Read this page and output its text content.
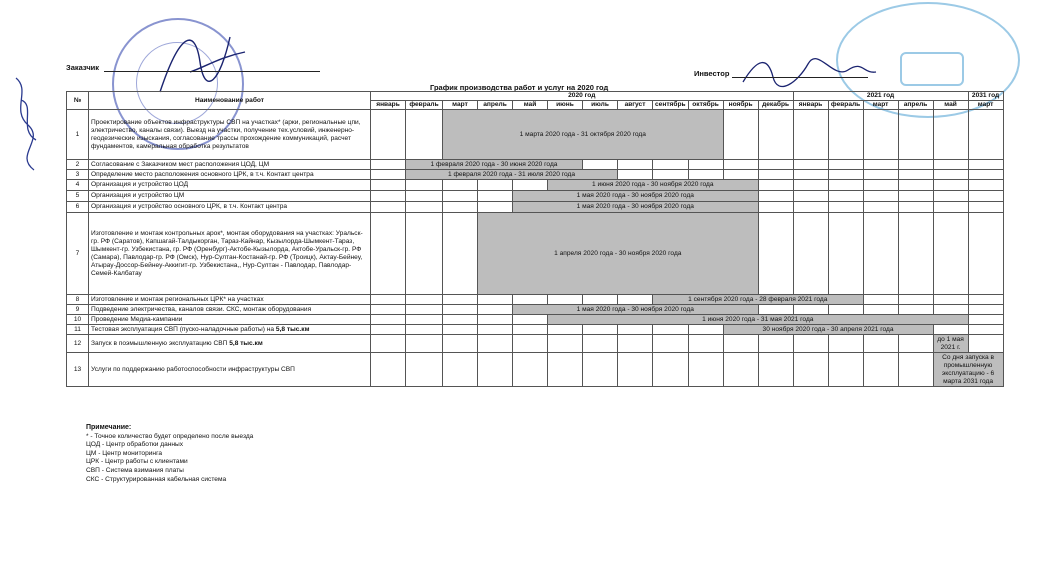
Заказчик
Инвестор
График производства работ и услуг на 2020 год
№	Наименование работ	2020 год												2021 год					2031 год
		январь	февраль	март	апрель	май	июнь	июль	август	сентябрь	октябрь	ноябрь	декабрь	январь	февраль	март	апрель	май	март
1	Проектирование объектов инфраструктуры СВП на участках* (арки, региональные цпи, электричество, каналы связи). Выезд на участки, получение тех.условий, инженерно-геодезические изыскания, согласование трассы прохождение коммуникаций, расчет фундаментов, камеральная обработка результатов			1 марта 2020 года - 31 октября 2020 года															
2	Согласование с Заказчиком мест расположения ЦОД, ЦМ		1 февраля 2020 года - 30 июня 2020 года																
3	Определение место расположения основного ЦРК, в т.ч. Контакт центра		1 февраля 2020 года - 31 июля 2020 года																
4	Организация и устройство ЦОД						1 июня 2020 года - 30 ноября 2020 года												
5	Организация и устройство ЦМ					1 мая 2020 года - 30 ноября 2020 года													
6	Организация и устройство основного ЦРК, в т.ч. Контакт центра					1 мая 2020 года - 30 ноября 2020 года													
7	Изготовление и монтаж контрольных арок*, монтаж оборудования на участках: Уральск-гр. РФ (Саратов), Капшагай-Талдыкорган, Тараз-Кайнар, Кызылорда-Шымкент-Тараз, Шымкент-гр. Узбекистана, гр. РФ (Оренбург)-Актобе-Кызылорда, Актобе-Уральск-гр. РФ (Самара), Павлодар-гр. РФ (Омск), Нур-Султан-Костанай-гр. РФ (Троицк), Актау-Бейнеу, Атырау-Доссор-Бейнеу-Аккигит-гр. Узбекистана,, Нур-Султан - Павлодар, Павлодар-Семей-Калбатау				1 апреля 2020 года - 30 ноября 2020 года														
8	Изготовление и монтаж региональных ЦРК* на участках									1 сентября 2020 года - 28 февраля 2021 года									
9	Подведение электричества, каналов связи. СКС, монтаж оборудования					1 мая 2020 года - 30 ноября 2020 года													
10	Проведение Медиа-кампании						1 июня 2020 года - 31 мая 2021 года												
11	Тестовая эксплуатация СВП (пуско-наладочные работы) на 5,8 тыс.км											30 ноября 2020 года - 30 апреля 2021 года							
12	Запуск в поэмышленную эксплуатацию СВП 5,8 тыс.км																	до 1 мая 2021 г.	
13	Услуги по поддержанию работоспособности инфраструктуры СВП																	Со дня запуска в промышленную эксплуатацию - 6 марта 2031 года	
Примечание:
* - Точное количество будет определено после выезда
ЦОД - Центр обработки данных
ЦМ - Центр мониторинга
ЦРК - Центр работы с клиентами
СВП - Система взимания платы
СКС - Структурированная кабельная система
